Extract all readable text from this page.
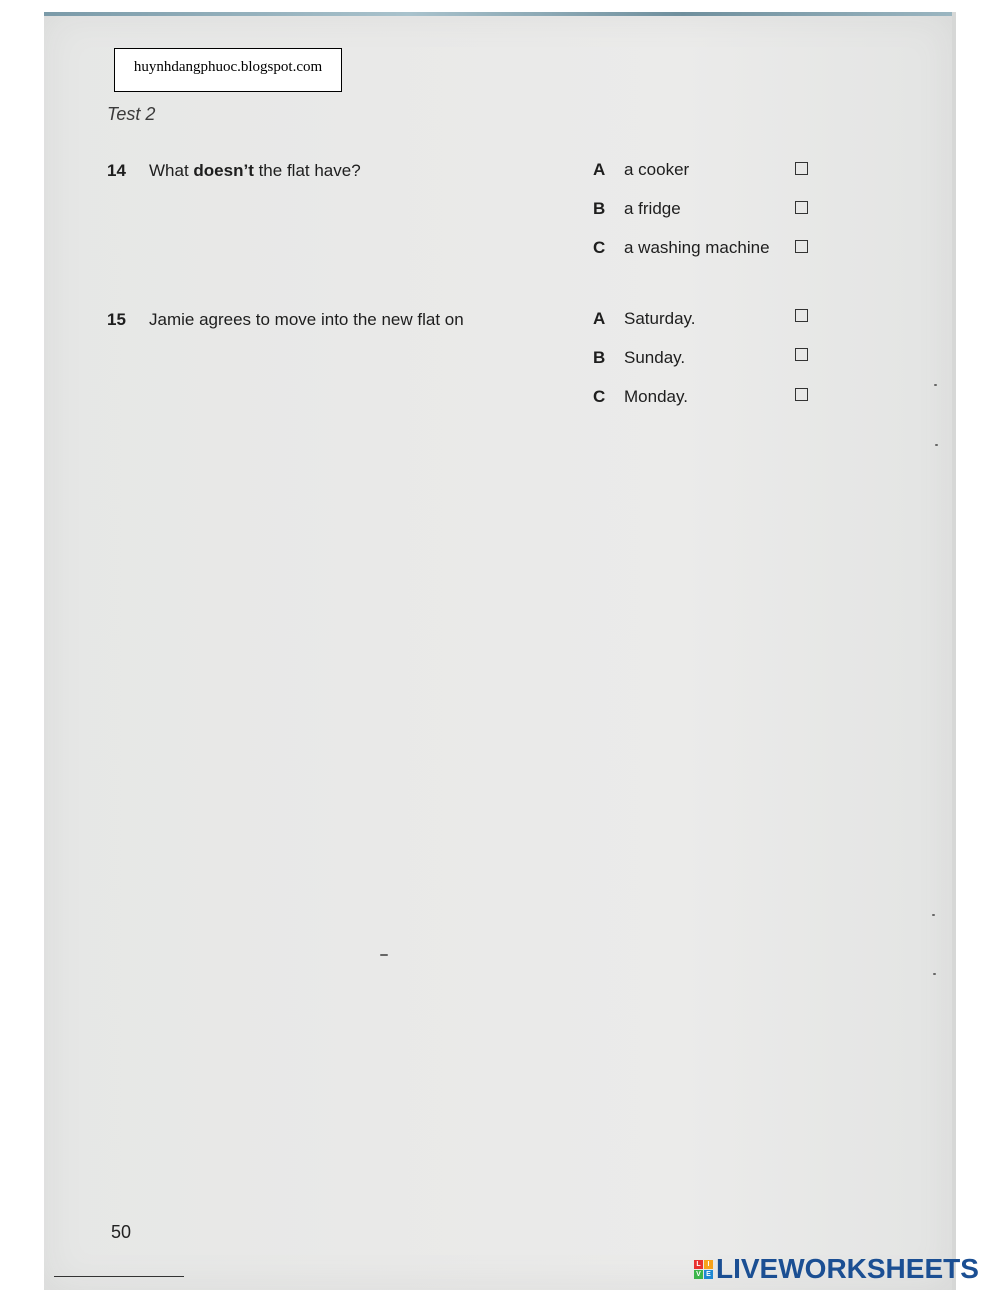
huynhdangphuoc.blogspot.com
Test 2
14 What doesn’t the flat have?	A	a cooker
B	a fridge
C	a washing machine
15 Jamie agrees to move into the new flat on	A	Saturday.
B	Sunday.
C	Monday.
50
L I
V E LIVEWORKSHEETS
